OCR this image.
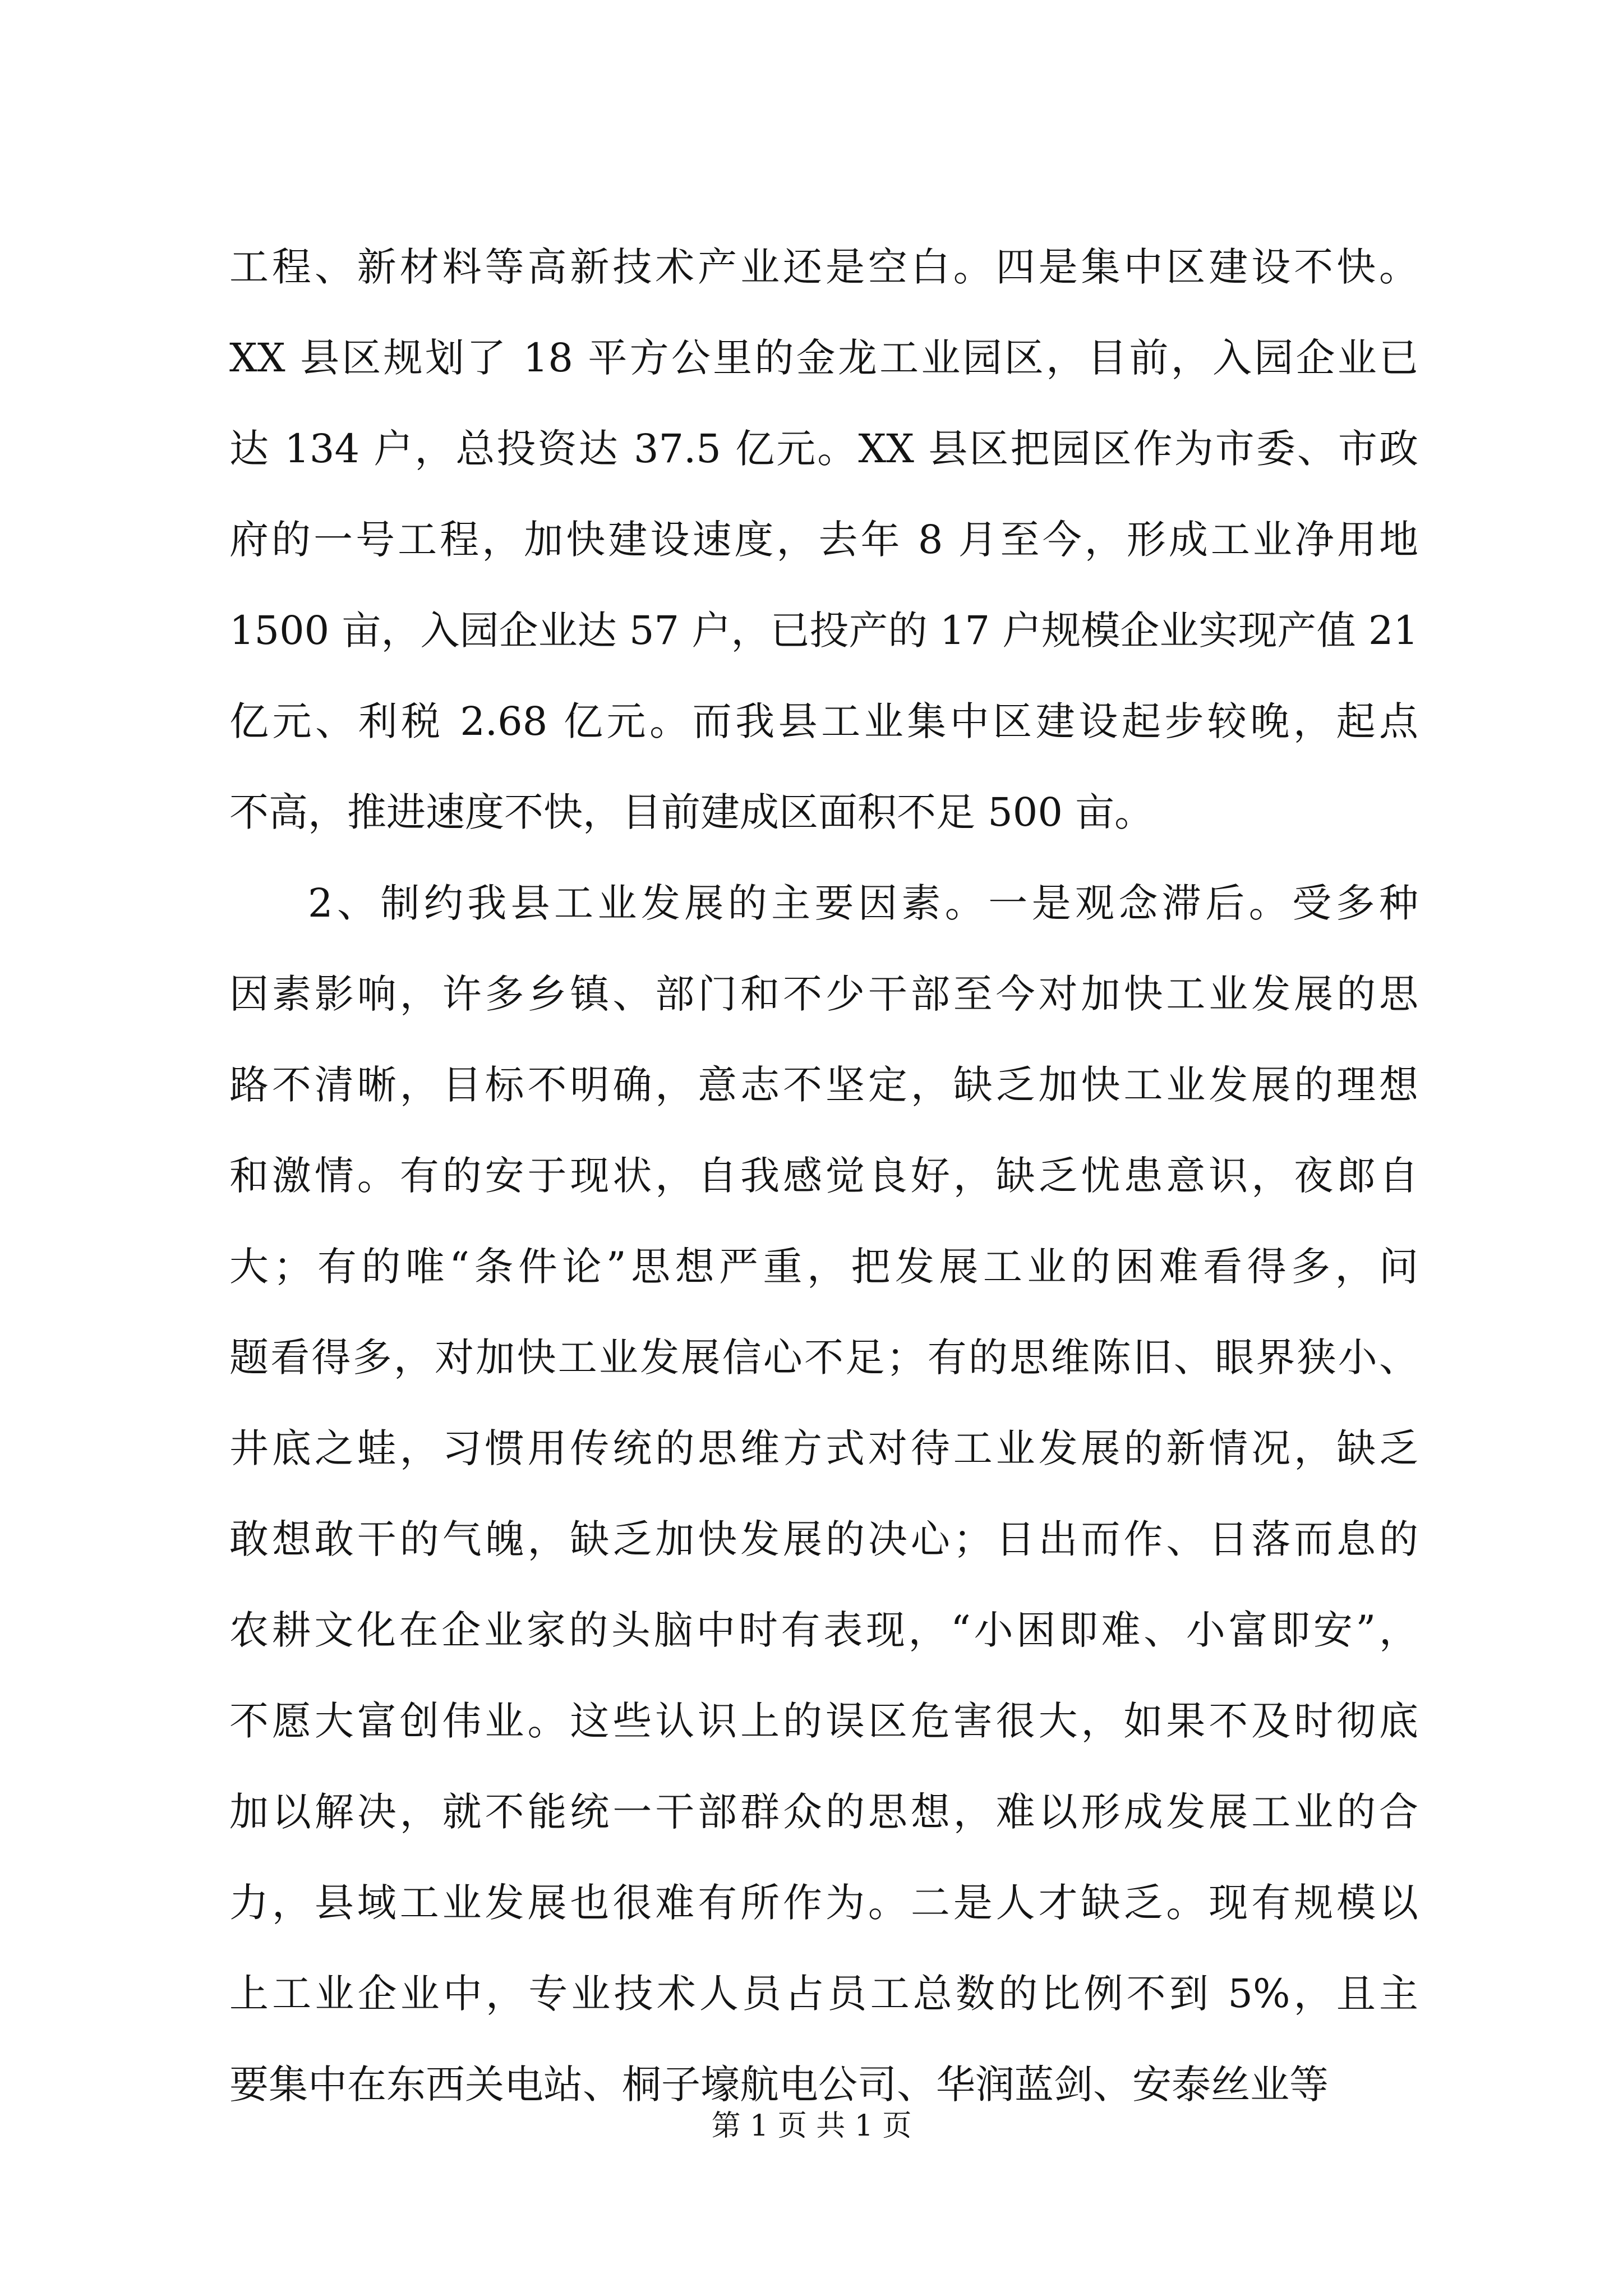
工程、新材料等高新技术产业还是空白。四是集中区建设不快。
XX 县区规划了 18 平方公里的金龙工业园区，目前，入园企业已
达 134 户，总投资达 37.5 亿元。XX 县区把园区作为市委、市政
府的一号工程，加快建设速度，去年 8 月至今，形成工业净用地
1500 亩，入园企业达 57 户，已投产的 17 户规模企业实现产值 21
亿元、利税 2.68 亿元。而我县工业集中区建设起步较晚，起点
不高，推进速度不快，目前建成区面积不足 500 亩。
2、制约我县工业发展的主要因素。一是观念滞后。受多种
因素影响，许多乡镇、部门和不少干部至今对加快工业发展的思
路不清晰，目标不明确，意志不坚定，缺乏加快工业发展的理想
和激情。有的安于现状，自我感觉良好，缺乏忧患意识，夜郎自
大；有的唯“条件论”思想严重，把发展工业的困难看得多，问
题看得多，对加快工业发展信心不足；有的思维陈旧、眼界狭小、
井底之蛙，习惯用传统的思维方式对待工业发展的新情况，缺乏
敢想敢干的气魄，缺乏加快发展的决心；日出而作、日落而息的
农耕文化在企业家的头脑中时有表现，“小困即难、小富即安”，
不愿大富创伟业。这些认识上的误区危害很大，如果不及时彻底
加以解决，就不能统一干部群众的思想，难以形成发展工业的合
力，县域工业发展也很难有所作为。二是人才缺乏。现有规模以
上工业企业中，专业技术人员占员工总数的比例不到 5%，且主
要集中在东西关电站、桐子壕航电公司、华润蓝剑、安泰丝业等
第 1 页 共 1 页
